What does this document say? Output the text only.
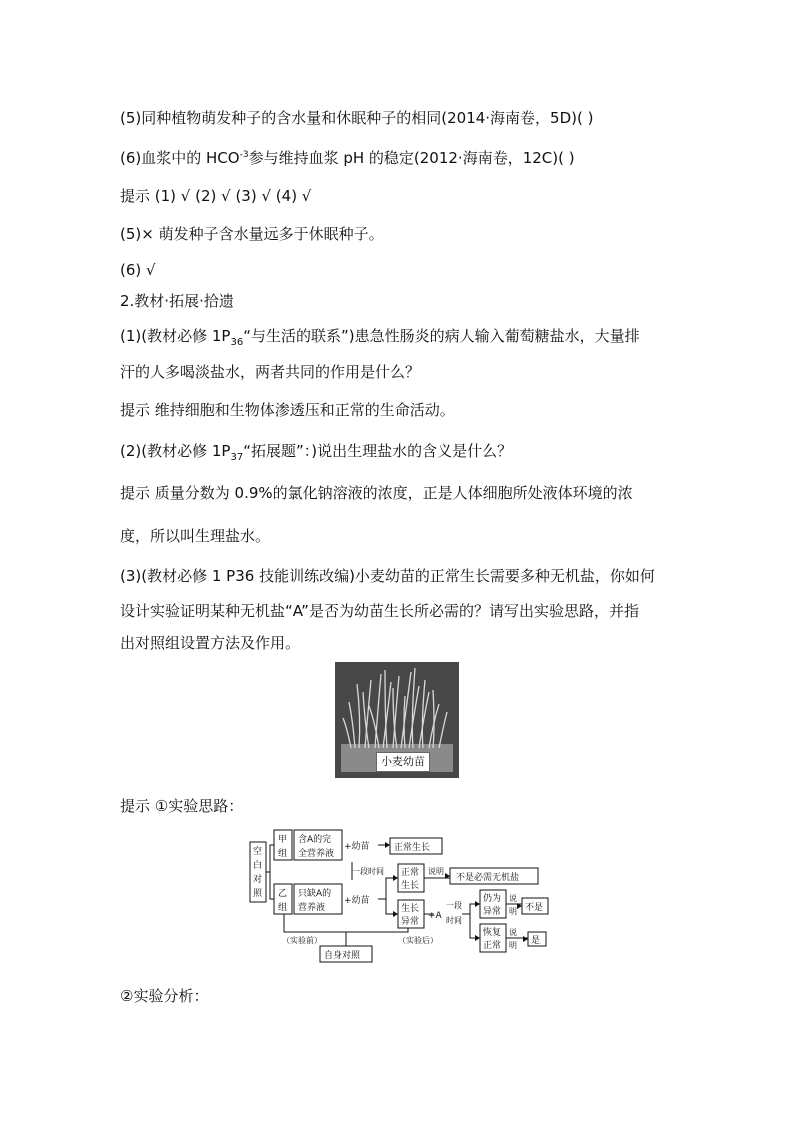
(5)同种植物萌发种子的含水量和休眠种子的相同(2014·海南卷，5D)( )
(6)血浆中的 $HCO^{-3}$参与维持血浆 pH 的稳定(2012·海南卷，12C)( )
提示 (1) √ (2) √ (3) √ (4) √
(5)× 萌发种子含水量远多于休眠种子。
(6) √
2.教材·拓展·拾遗
(1)(教材必修 $1P_{36}“$与生活的联系”)患急性肠炎的病人输入葡萄糖盐水，大量排
汗的人多喝淡盐水，两者共同的作用是什么？
提示 维持细胞和生物体渗透压和正常的生命活动。
(2)(教材必修 $1P_{37}“$拓展题”：)说出生理盐水的含义是什么？
提示 质量分数为 0.9%的氯化钠溶液的浓度，正是人体细胞所处液体环境的浓
度，所以叫生理盐水。
(3)(教材必修 1 P36 技能训练改编)小麦幼苗的正常生长需要多种无机盐，你如何
设计实验证明某种无机盐“A”是否为幼苗生长所必需的？请写出实验思路，并指
出对照组设置方法及作用。
小麦幼苗
提示 ①实验思路：
空
白
对
照
甲
组
含A的完
全营养液
+幼苗
乙
组
只缺A的
营养液
+幼苗
正常生长
一段时间 正常
生长
说明
不是必需无机盐
生长
异常
+A
一段
时间
仍为
异常
说
明 不是
恢复
正常
说
明 是
（实验前）	（实验后）
自身对照
②实验分析：
